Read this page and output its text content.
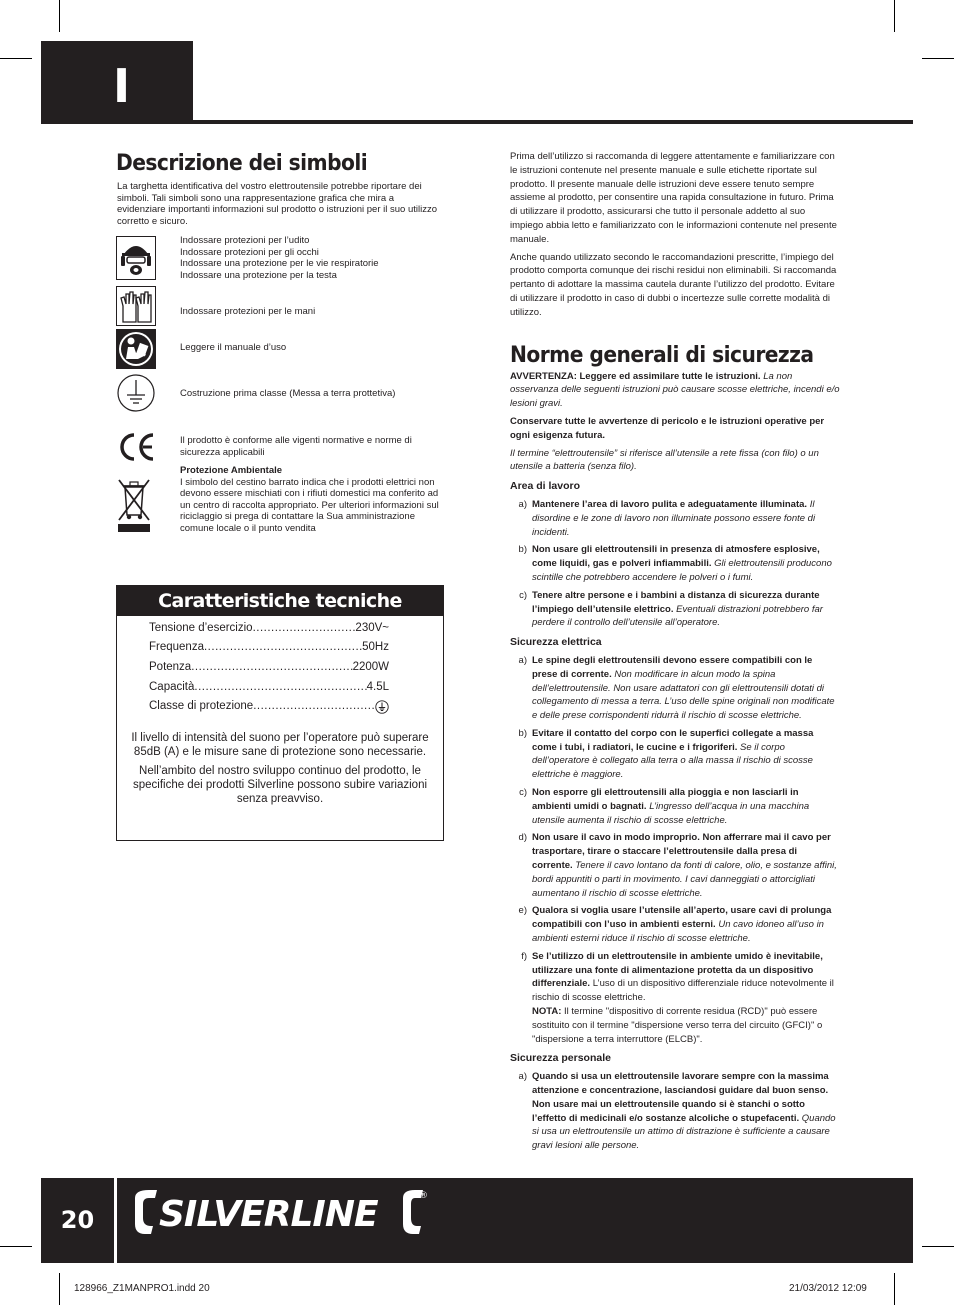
I
Descrizione dei simboli

La targhetta identificativa del vostro elettroutensile potrebbe riportare dei simboli. Tali simboli sono una rappresentazione grafica che mira a evidenziare importanti informazioni sul prodotto o istruzioni per il suo utilizzo corretto e sicuro.

Indossare protezioni per l’udito
Indossare protezioni per gli occhi
Indossare una protezione per le vie respiratorie
Indossare una protezione per la testa
Indossare protezioni per le mani
Leggere il manuale d’uso
Costruzione prima classe (Messa a terra prottetiva)
Il prodotto è conforme alle vigenti normative e norme di sicurezza applicabili
Protezione Ambientale
I simbolo del cestino barrato indica che i prodotti elettrici non devono essere mischiati con i rifiuti domestici ma conferito ad un centro di raccolta appropriato. Per ulteriori informazioni sul riciclaggio si prega di contattare la Sua amministrazione comune locale o il punto vendita
Caratteristiche tecniche
Tensione d’esercizio .....	230V~
Frequenza .....	50Hz
Potenza .....	2200W
Capacità .....	4.5L
Classe di protezione
.....

Il livello di intensità del suono per l’operatore può superare 85dB (A) e le misure sane di protezione sono necessarie.

Nell’ambito del nostro sviluppo continuo del prodotto, le specifiche dei prodotti Silverline possono subire variazioni senza preavviso.

Prima dell’utilizzo si raccomanda di leggere attentamente e familiarizzare con le istruzioni contenute nel presente manuale e sulle etichette riportate sul prodotto. Il presente manuale delle istruzioni deve essere tenuto sempre assieme al prodotto, per consentire una rapida consultazione in futuro. Prima di utilizzare il prodotto, assicurarsi che tutto il personale addetto al suo impiego abbia letto e familiarizzato con le informazioni contenute nel presente manuale.

Anche quando utilizzato secondo le raccomandazioni prescritte, l’impiego del prodotto comporta comunque dei rischi residui non eliminabili. Si raccomanda pertanto di adottare la massima cautela durante l’utilizzo del prodotto. Evitare di utilizzare il prodotto in caso di dubbi o incertezze sulle corrette modalità di utilizzo.

Norme generali di sicurezza

AVVERTENZA: Leggere ed assimilare tutte le istruzioni. La non osservanza delle seguenti istruzioni può causare scosse elettriche, incendi e/o lesioni gravi.

Conservare tutte le avvertenze di pericolo e le istruzioni operative per ogni esigenza futura.

Il termine “elettroutensile” si riferisce all’utensile a rete fissa (con filo) o un utensile a batteria (senza filo).

Area di lavoro
a) Mantenere l’area di lavoro pulita e adeguatamente illuminata. Il disordine e le zone di lavoro non illuminate possono essere fonte di incidenti.
b) Non usare gli elettroutensili in presenza di atmosfere esplosive, come liquidi, gas e polveri infiammabili. Gli elettroutensili producono scintille che potrebbero accendere le polveri o i fumi.
c) Tenere altre persone e i bambini a distanza di sicurezza durante l’impiego dell’utensile elettrico. Eventuali distrazioni potrebbero far perdere il controllo dell’utensile all’operatore.
Sicurezza elettrica
a) Le spine degli elettroutensili devono essere compatibili con le prese di corrente. Non modificare in alcun modo la spina dell’elettroutensile. Non usare adattatori con gli elettroutensili dotati di collegamento di messa a terra. L’uso delle spine originali non modificate e delle prese corrispondenti ridurrà il rischio di scosse elettriche.
b) Evitare il contatto del corpo con le superfici collegate a massa come i tubi, i radiatori, le cucine e i frigoriferi. Se il corpo dell’operatore è collegato alla terra o alla massa il rischio di scosse elettriche è maggiore.
c) Non esporre gli elettroutensili alla pioggia e non lasciarli in ambienti umidi o bagnati. L’ingresso dell’acqua in una macchina utensile aumenta il rischio di scosse elettriche.
d) Non usare il cavo in modo improprio. Non afferrare mai il cavo per trasportare, tirare o staccare l’elettroutensile dalla presa di corrente. Tenere il cavo lontano da fonti di calore, olio, e sostanze affini, bordi appuntiti o parti in movimento. I cavi danneggiati o attorcigliati aumentano il rischio di scosse elettriche.
e) Qualora si voglia usare l’utensile all’aperto, usare cavi di prolunga compatibili con l’uso in ambienti esterni. Un cavo idoneo all’uso in ambienti esterni riduce il rischio di scosse elettriche.
f) Se l’utilizzo di un elettroutensile in ambiente umido è inevitabile, utilizzare una fonte di alimentazione protetta da un dispositivo differenziale. L’uso di un dispositivo differenziale riduce notevolmente il rischio di scosse elettriche.
NOTA: Il termine "dispositivo di corrente residua (RCD)" può essere sostituito con il termine "dispersione verso terra del circuito (GFCI)" o "dispersione a terra interruttore (ELCB)".
Sicurezza personale
a) Quando si usa un elettroutensile lavorare sempre con la massima attenzione e concentrazione, lasciandosi guidare dal buon senso. Non usare mai un elettroutensile quando si è stanchi o sotto l’effetto di medicinali e/o sostanze alcoliche o stupefacenti. Quando si usa un elettroutensile un attimo di distrazione è sufficiente a causare gravi lesioni alle persone.
20	SILVERLINE	®
128966_Z1MANPRO1.indd 20	21/03/2012 12:09
